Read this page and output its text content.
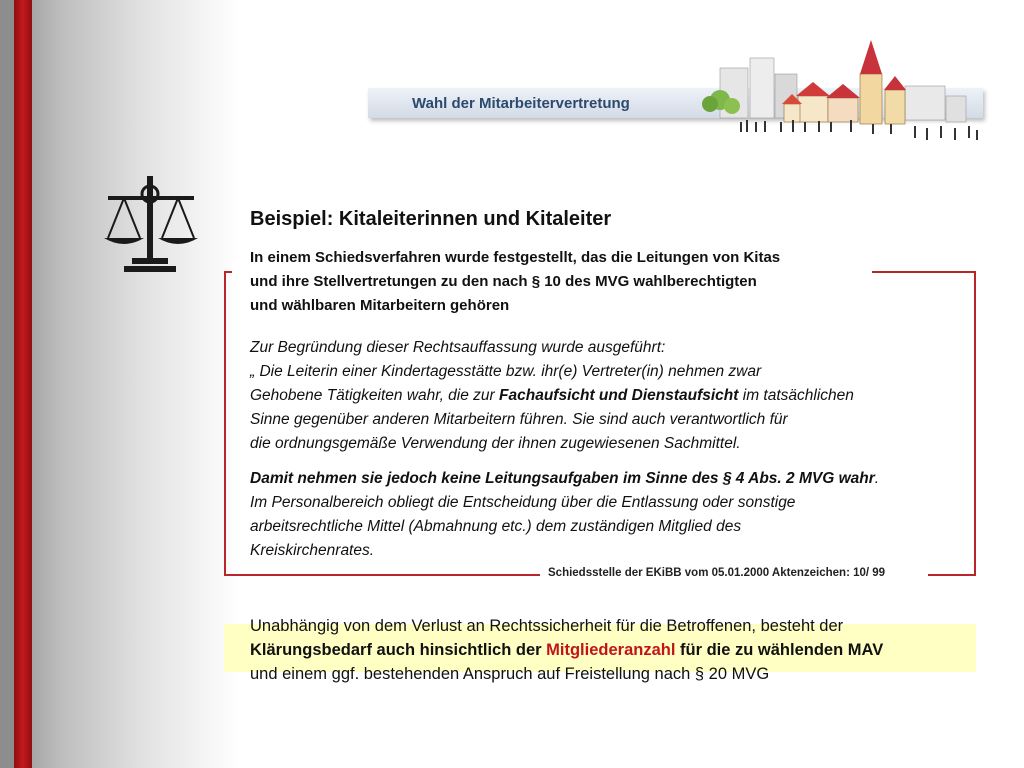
Wahl der Mitarbeitervertretung
Beispiel: Kitaleiterinnen und Kitaleiter
In einem Schiedsverfahren wurde festgestellt, das die Leitungen von Kitas
und ihre Stellvertretungen zu den nach § 10 des MVG wahlberechtigten
und wählbaren Mitarbeitern gehören
Zur Begründung dieser Rechtsauffassung wurde ausgeführt:
„ Die Leiterin einer Kindertagesstätte bzw. ihr(e) Vertreter(in) nehmen zwar
Gehobene Tätigkeiten wahr, die zur Fachaufsicht und Dienstaufsicht im tatsächlichen
Sinne gegenüber anderen Mitarbeitern führen. Sie sind auch verantwortlich für
die ordnungsgemäße Verwendung der ihnen zugewiesenen Sachmittel.
Damit nehmen sie jedoch keine Leitungsaufgaben im Sinne des § 4 Abs. 2 MVG wahr.
Im Personalbereich obliegt die Entscheidung über die Entlassung oder sonstige
arbeitsrechtliche Mittel (Abmahnung etc.) dem zuständigen Mitglied des
Kreiskirchenrates.
Schiedsstelle der EKiBB vom 05.01.2000 Aktenzeichen: 10/ 99
Unabhängig von dem Verlust an Rechtssicherheit für die Betroffenen, besteht der
Klärungsbedarf auch hinsichtlich der Mitgliederanzahl für die zu wählenden MAV
und einem ggf. bestehenden Anspruch auf Freistellung nach § 20 MVG
